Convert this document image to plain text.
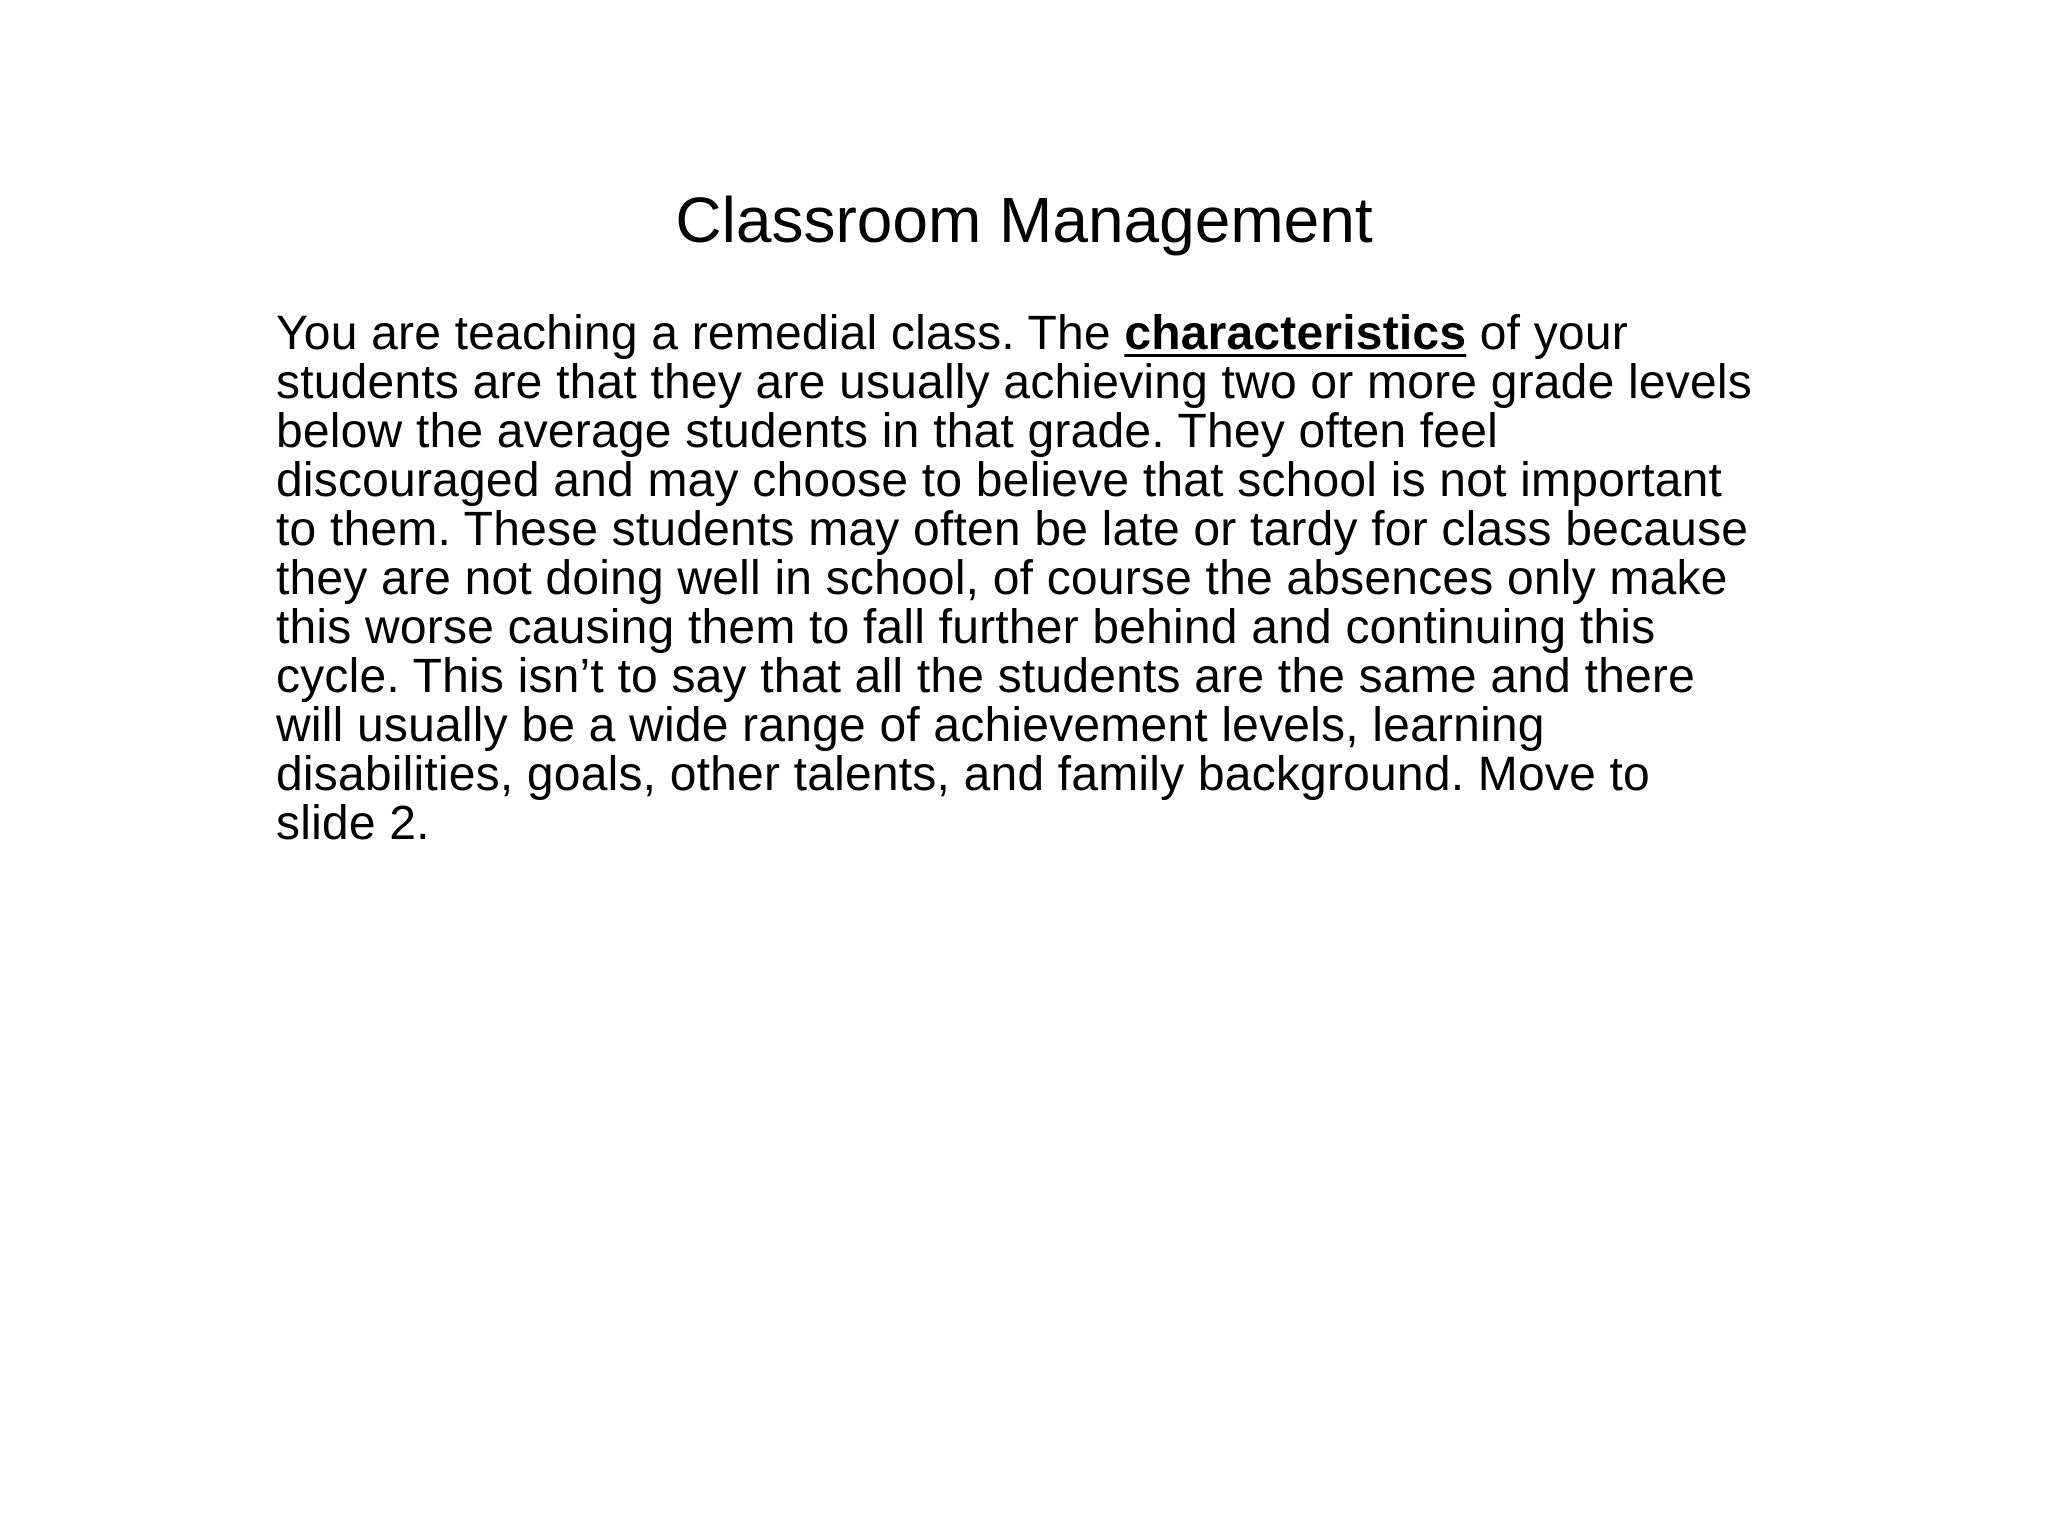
Classroom Management
You are teaching a remedial class. The characteristics of your
students are that they are usually achieving two or more grade levels
below the average students in that grade. They often feel
discouraged and may choose to believe that school is not important
to them. These students may often be late or tardy for class because
they are not doing well in school, of course the absences only make
this worse causing them to fall further behind and continuing this
cycle. This isn’t to say that all the students are the same and there
will usually be a wide range of achievement levels, learning
disabilities, goals, other talents, and family background. Move to
slide 2.
